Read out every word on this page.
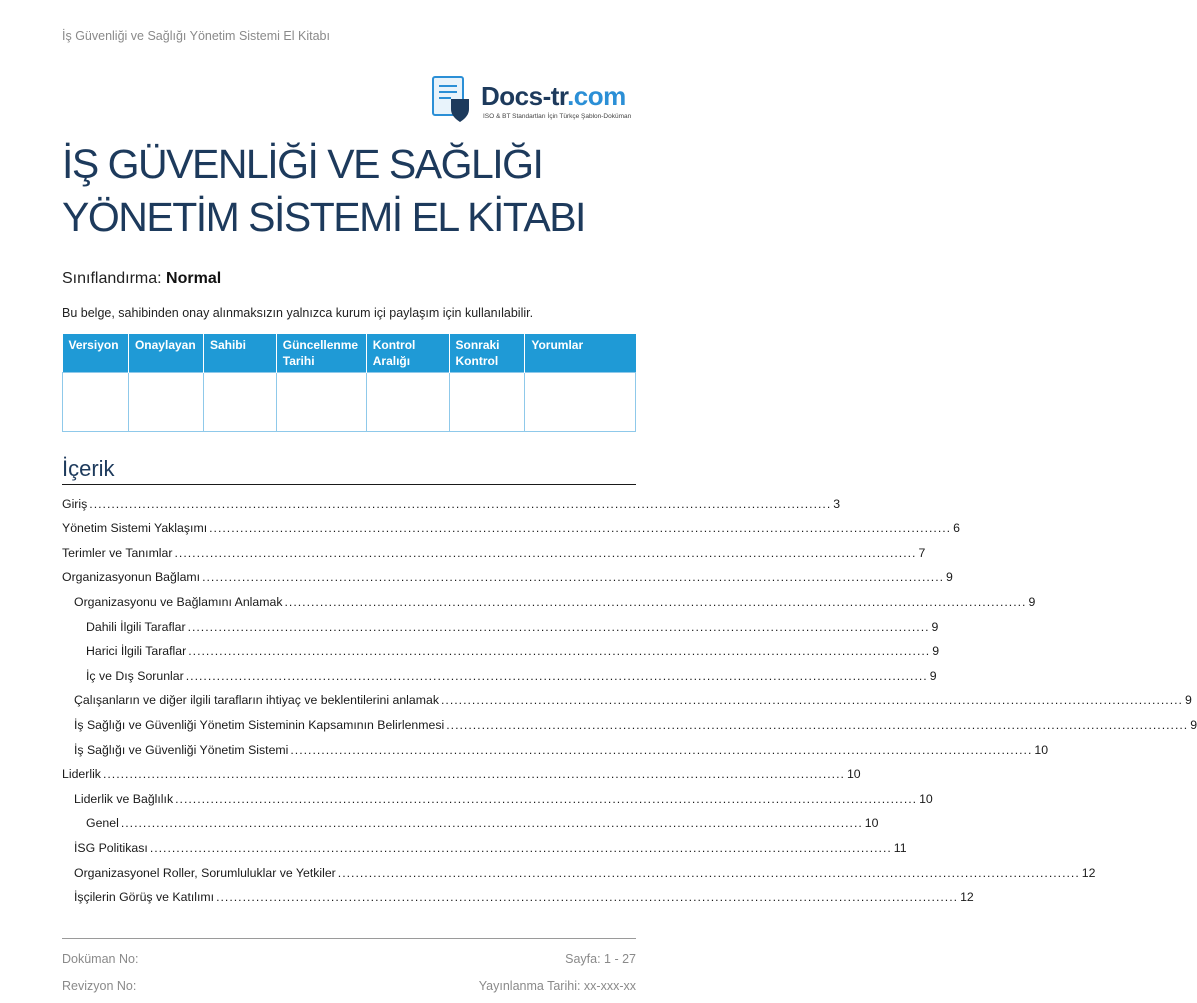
İş Güvenliği ve Sağlığı Yönetim Sistemi El Kitabı
Docs-tr.com
ISO & BT Standartları İçin Türkçe Şablon-Doküman
İŞ GÜVENLİĞİ VE SAĞLIĞI
YÖNETİM SİSTEMİ EL KİTABI
Sınıflandırma: Normal
Bu belge, sahibinden onay alınmaksızın yalnızca kurum içi paylaşım için kullanılabilir.
Versiyon	Onaylayan	Sahibi	Güncellenme Tarihi	Kontrol Aralığı	Sonraki Kontrol	Yorumlar

İçerik
Giriş ........................................................................................................................................................................ 3
Yönetim Sistemi Yaklaşımı ........................................................................................................................................................................ 6
Terimler ve Tanımlar ........................................................................................................................................................................ 7
Organizasyonun Bağlamı ........................................................................................................................................................................ 9
Organizasyonu ve Bağlamını Anlamak ........................................................................................................................................................................ 9
Dahili İlgili Taraflar ........................................................................................................................................................................ 9
Harici İlgili Taraflar ........................................................................................................................................................................ 9
İç ve Dış Sorunlar ........................................................................................................................................................................ 9
Çalışanların ve diğer ilgili tarafların ihtiyaç ve beklentilerini anlamak ........................................................................................................................................................................ 9
İş Sağlığı ve Güvenliği Yönetim Sisteminin Kapsamının Belirlenmesi ........................................................................................................................................................................ 9
İş Sağlığı ve Güvenliği Yönetim Sistemi ........................................................................................................................................................................ 10
Liderlik ........................................................................................................................................................................ 10
Liderlik ve Bağlılık ........................................................................................................................................................................ 10
Genel ........................................................................................................................................................................ 10
İSG Politikası ........................................................................................................................................................................ 11
Organizasyonel Roller, Sorumluluklar ve Yetkiler ........................................................................................................................................................................ 12
İşçilerin Görüş ve Katılımı ........................................................................................................................................................................ 12
Doküman No:	Sayfa: 1 - 27
Revizyon No:	Yayınlanma Tarihi: xx-xxx-xx
